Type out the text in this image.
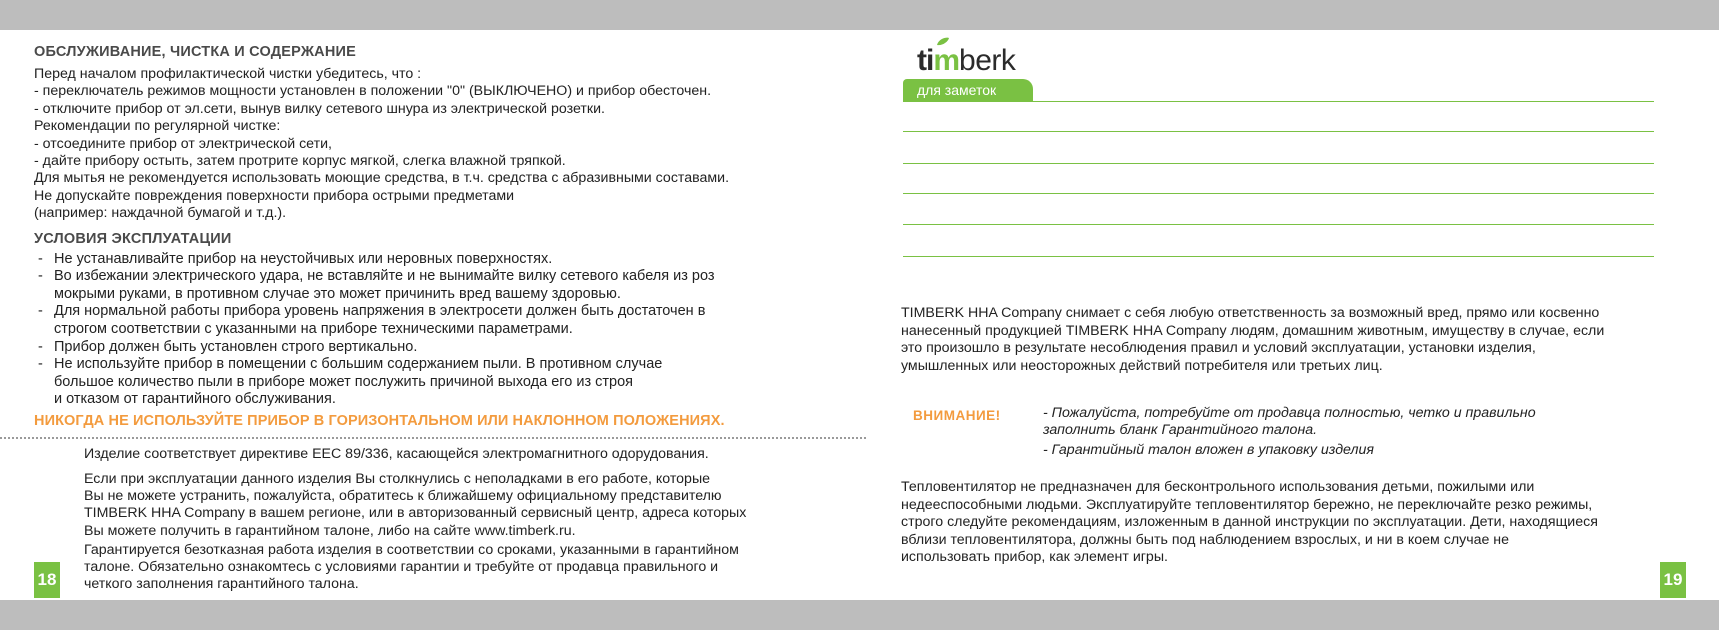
ОБСЛУЖИВАНИЕ, ЧИСТКА И СОДЕРЖАНИЕ
Перед началом профилактической чистки убедитесь, что :
- переключатель режимов мощности установлен в положении "0" (ВЫКЛЮЧЕНО) и прибор обесточен.
- отключите прибор от эл.сети, вынув вилку сетевого шнура из электрической розетки.
Рекомендации по регулярной чистке:
- отсоедините прибор от электрической сети,
- дайте прибору остыть, затем протрите корпус мягкой, слегка влажной тряпкой.
Для мытья не рекомендуется использовать моющие средства, в т.ч. средства с абразивными составами.
Не допускайте повреждения поверхности прибора острыми предметами
(например: наждачной бумагой и т.д.).
УСЛОВИЯ ЭКСПЛУАТАЦИИ
- Не устанавливайте прибор на неустойчивых или неровных поверхностях.
- Во избежании электрического удара, не вставляйте и не вынимайте вилку сетевого кабеля из роз
мокрыми руками, в противном случае это может причинить вред вашему здоровью.
- Для нормальной работы прибора уровень напряжения в электросети должен быть достаточен в
строгом соответствии с указанными на приборе техническими параметрами.
- Прибор должен быть установлен строго вертикально.
- Не используйте прибор в помещении с большим содержанием пыли. В противном случае
большое количество пыли в приборе может послужить причиной выхода его из строя
и отказом от гарантийного обслуживания.
НИКОГДА НЕ ИСПОЛЬЗУЙТЕ ПРИБОР В ГОРИЗОНТАЛЬНОМ ИЛИ НАКЛОННОМ ПОЛОЖЕНИЯХ.
Изделие соответствует директиве ЕЕС 89/336, касающейся электромагнитного одорудования.
Если при эксплуатации данного изделия Вы столкнулись с неполадками в его работе, которые
Вы не можете устранить, пожалуйста, обратитесь к ближайшему официальному представителю
TIMBERK HHA Company в вашем регионе, или в авторизованный сервисный центр, адреса которых
Вы можете получить в гарантийном талоне, либо на сайте www.timberk.ru.
Гарантируется безотказная работа изделия в соответствии со сроками, указанными в гарантийном
талоне. Обязательно ознакомтесь с условиями гарантии и требуйте от продавца правильного и
четкого заполнения гарантийного талона.
18
timberk
для заметок
TIMBERK HHA Company снимает с себя любую ответственность за возможный вред, прямо или косвенно
нанесенный продукцией TIMBERK HHA Company людям, домашним животным, имуществу в случае, если
это произошло в результате несоблюдения правил и условий эксплуатации, установки изделия,
умышленных или неосторожных действий потребителя или третьих лиц.
ВНИМАНИЕ!	- Пожалуйста, потребуйте от продавца полностью, четко и правильно
заполнить бланк Гарантийного талона.
- Гарантийный талон вложен в упаковку изделия
Тепловентилятор не предназначен для бесконтрольного использования детьми, пожилыми или
недееспособными людьми. Эксплуатируйте тепловентилятор бережно, не переключайте резко режимы,
строго следуйте рекомендациям, изложенным в данной инструкции по эксплуатации. Дети, находящиеся
вблизи тепловентилятора, должны быть под наблюдением взрослых, и ни в коем случае не
использовать прибор, как элемент игры.
19
